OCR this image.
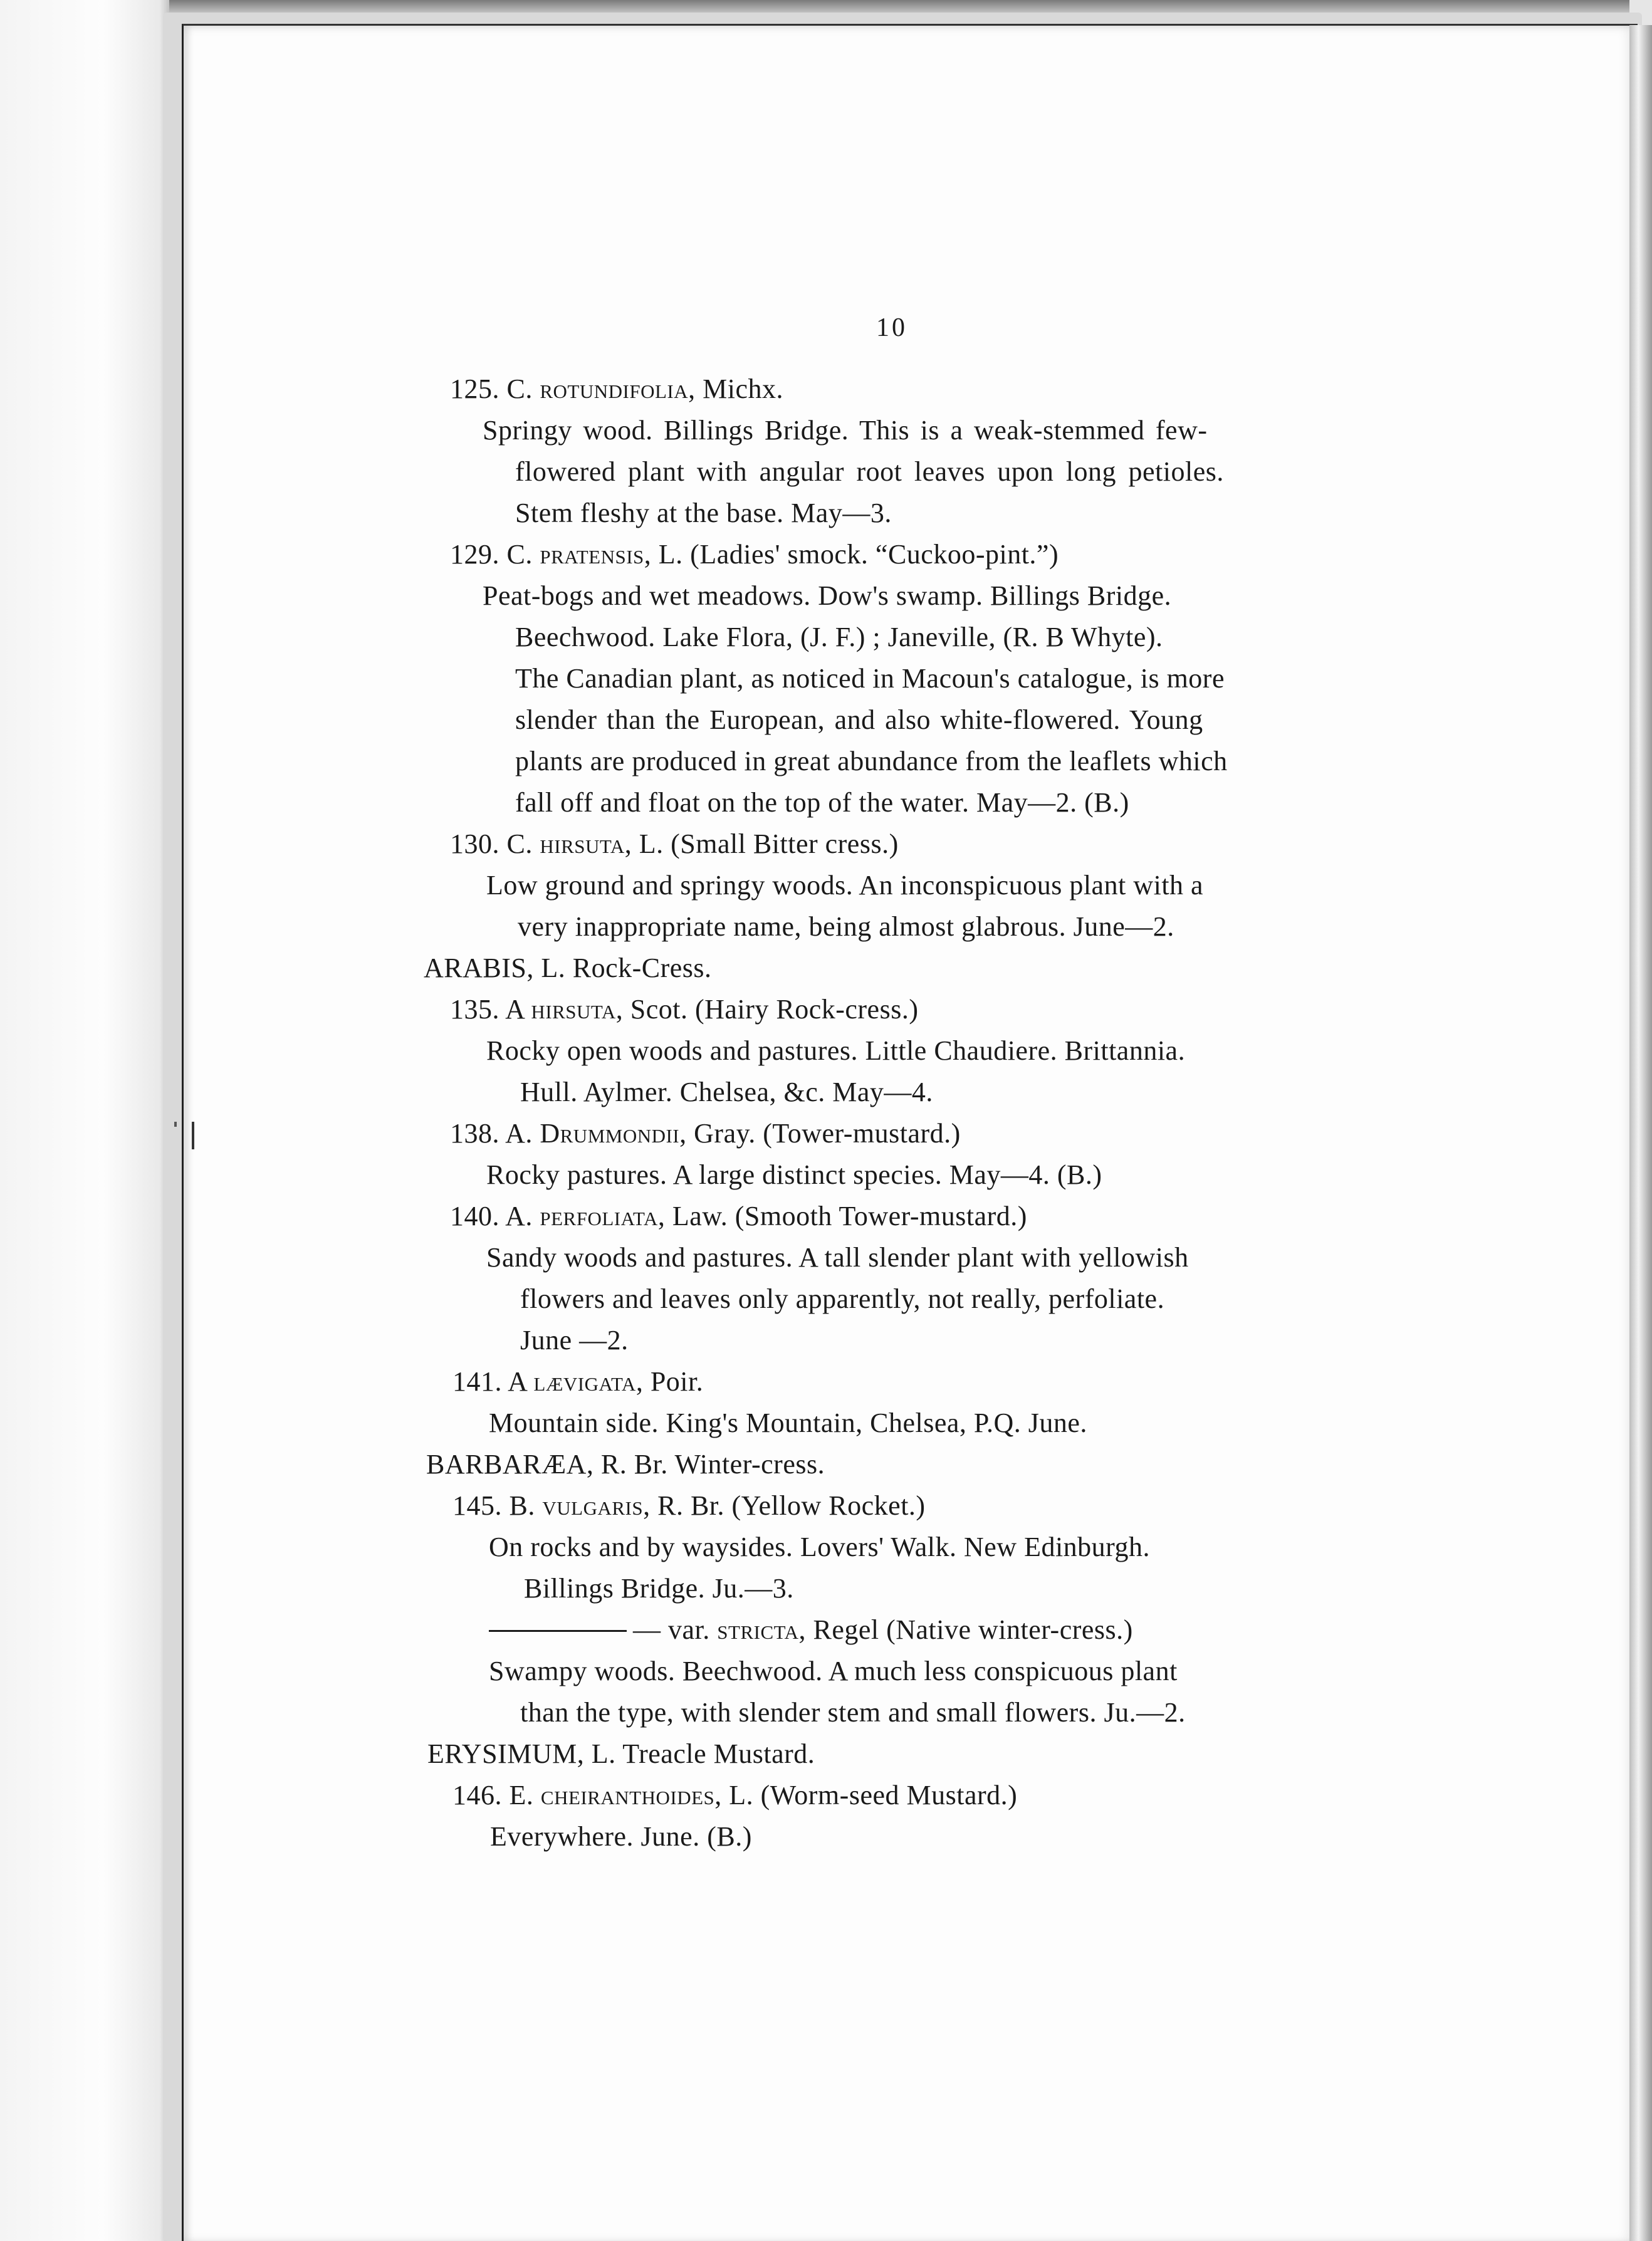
10
125. C. rotundifolia, Michx.
Springy wood. Billings Bridge. This is a weak-stemmed few-
flowered plant with angular root leaves upon long petioles.
Stem fleshy at the base. May—3.
129. C. pratensis, L. (Ladies' smock. “Cuckoo-pint.”)
Peat-bogs and wet meadows. Dow's swamp. Billings Bridge.
Beechwood. Lake Flora, (J. F.) ; Janeville, (R. B Whyte).
The Canadian plant, as noticed in Macoun's catalogue, is more
slender than the European, and also white-flowered. Young
plants are produced in great abundance from the leaflets which
fall off and float on the top of the water. May—2. (B.)
130. C. hirsuta, L. (Small Bitter cress.)
Low ground and springy woods. An inconspicuous plant with a
very inappropriate name, being almost glabrous. June—2.
ARABIS, L. Rock-Cress.
135. A hirsuta, Scot. (Hairy Rock-cress.)
Rocky open woods and pastures. Little Chaudiere. Brittannia.
Hull. Aylmer. Chelsea, &c. May—4.
138. A. Drummondii, Gray. (Tower-mustard.)
Rocky pastures. A large distinct species. May—4. (B.)
140. A. perfoliata, Law. (Smooth Tower-mustard.)
Sandy woods and pastures. A tall slender plant with yellowish
flowers and leaves only apparently, not really, perfoliate.
June —2.
141. A lævigata, Poir.
Mountain side. King's Mountain, Chelsea, P.Q. June.
BARBARÆA, R. Br. Winter-cress.
145. B. vulgaris, R. Br. (Yellow Rocket.)
On rocks and by waysides. Lovers' Walk. New Edinburgh.
Billings Bridge. Ju.—3.
— var. stricta, Regel (Native winter-cress.)
Swampy woods. Beechwood. A much less conspicuous plant
than the type, with slender stem and small flowers. Ju.—2.
ERYSIMUM, L. Treacle Mustard.
146. E. cheiranthoides, L. (Worm-seed Mustard.)
Everywhere. June. (B.)
